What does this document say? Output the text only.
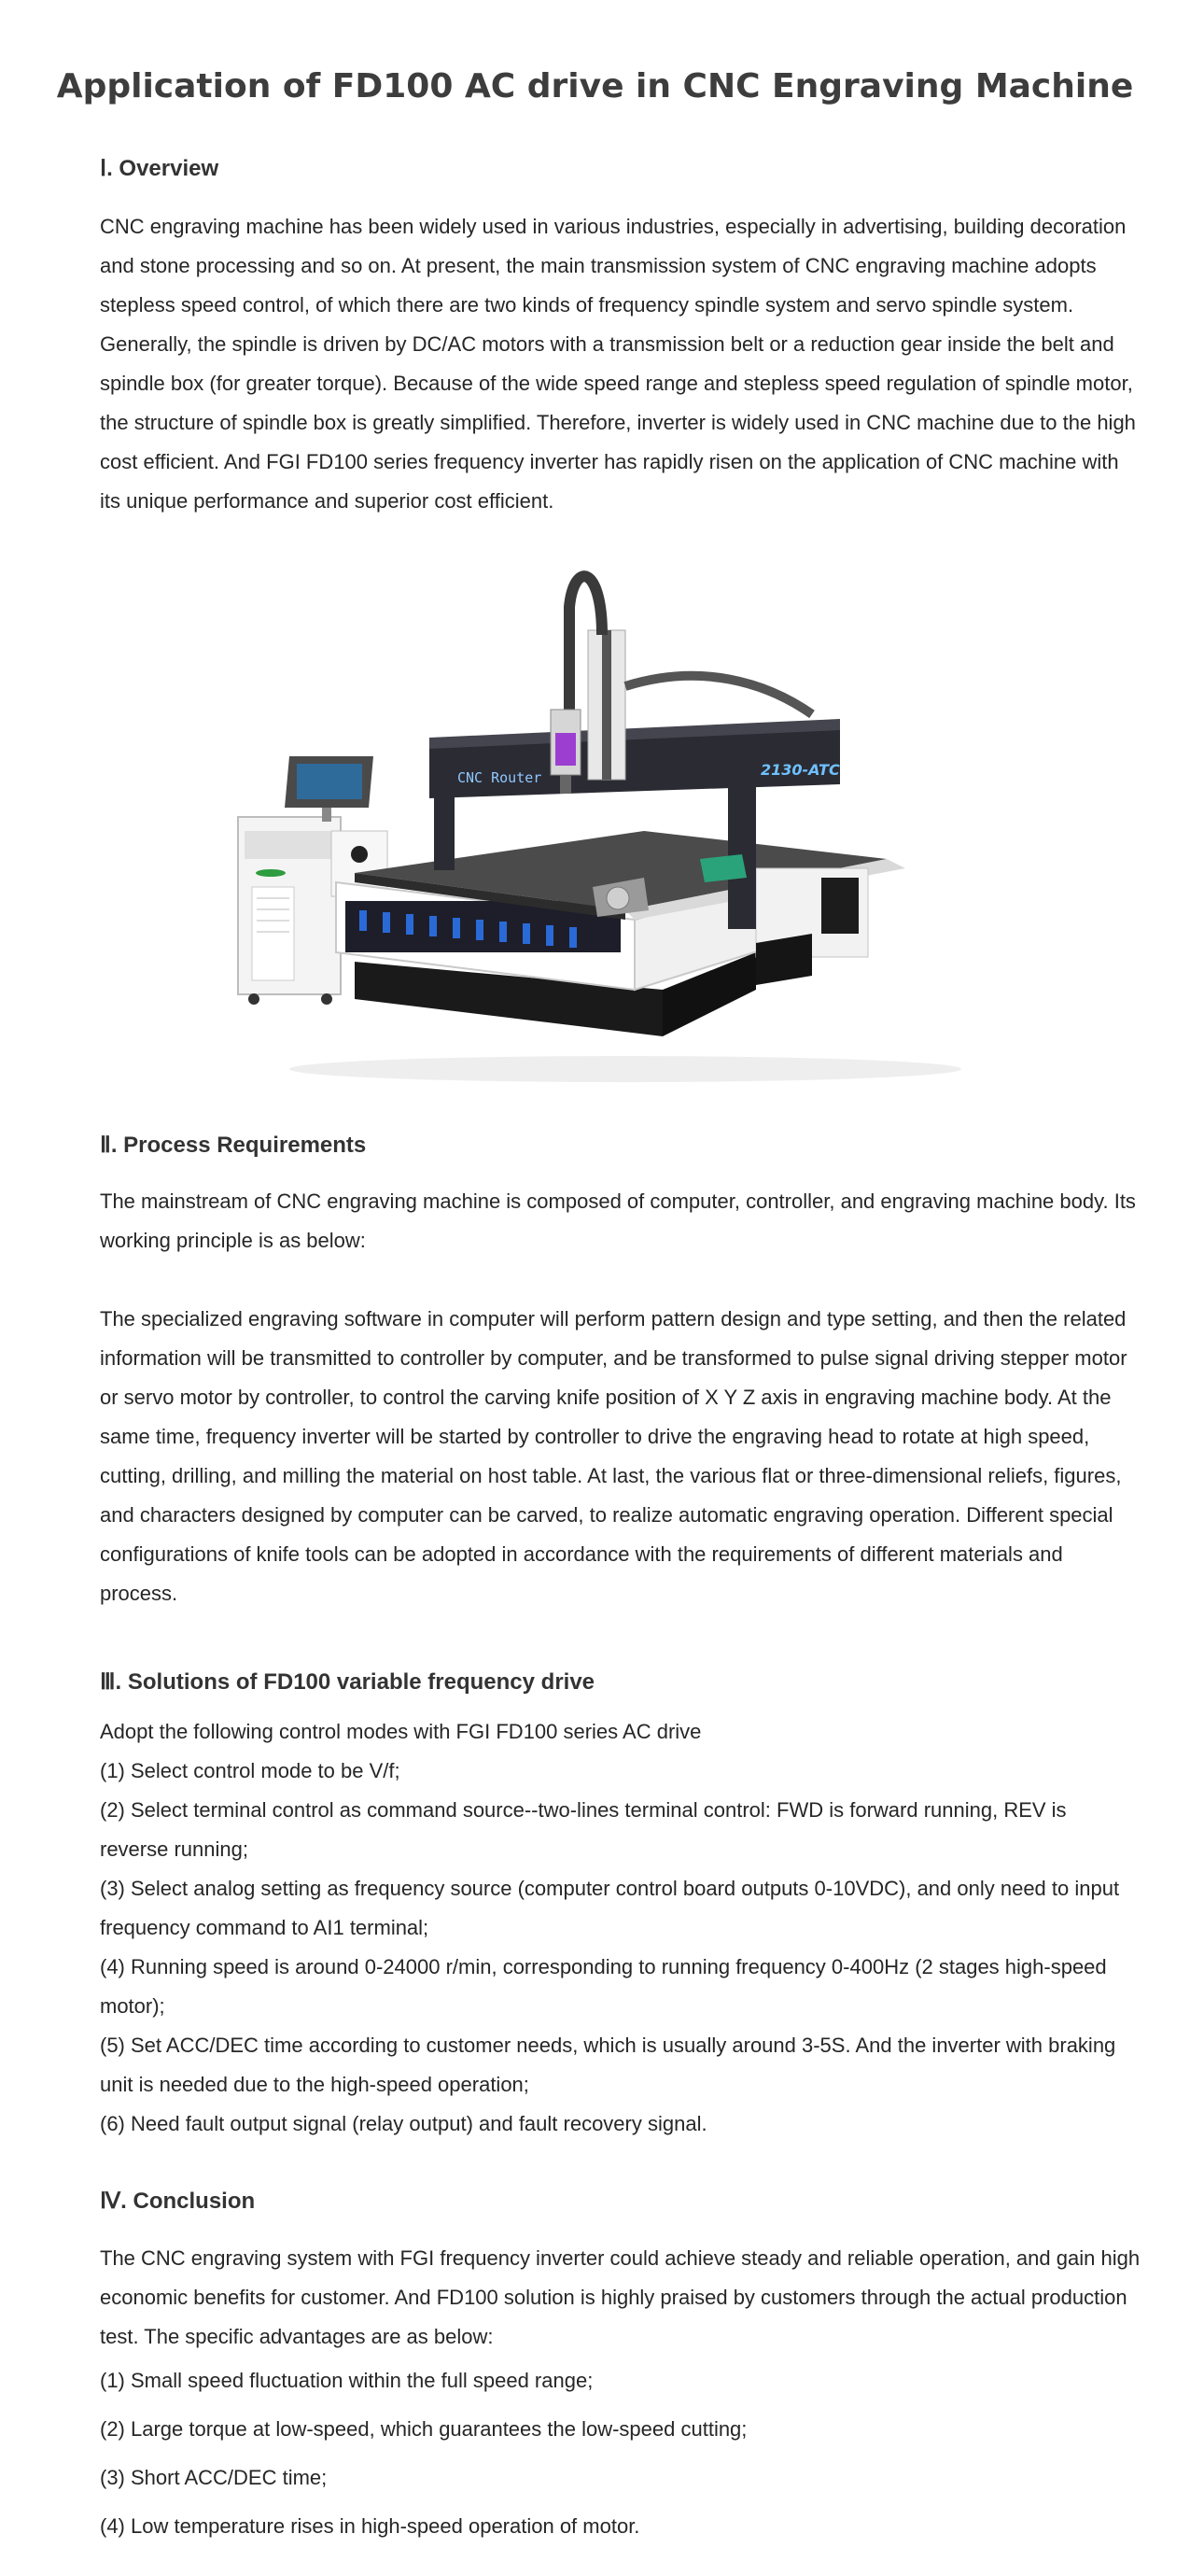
Application of FD100 AC drive in CNC Engraving Machine
Ⅰ. Overview

CNC engraving machine has been widely used in various industries, especially in advertising, building decoration and stone processing and so on. At present, the main transmission system of CNC engraving machine adopts stepless speed control, of which there are two kinds of frequency spindle system and servo spindle system. Generally, the spindle is driven by DC/AC motors with a transmission belt or a reduction gear inside the belt and spindle box (for greater torque). Because of the wide speed range and stepless speed regulation of spindle motor, the structure of spindle box is greatly simplified. Therefore, inverter is widely used in CNC machine due to the high cost efficient. And FGI FD100 series frequency inverter has rapidly risen on the application of CNC machine with its unique performance and superior cost efficient.

CNC Router	2130-ATC
Ⅱ. Process Requirements

The mainstream of CNC engraving machine is composed of computer, controller, and engraving machine body. Its working principle is as below:

The specialized engraving software in computer will perform pattern design and type setting, and then the related information will be transmitted to controller by computer, and be transformed to pulse signal driving stepper motor or servo motor by controller, to control the carving knife position of X Y Z axis in engraving machine body. At the same time, frequency inverter will be started by controller to drive the engraving head to rotate at high speed, cutting, drilling, and milling the material on host table. At last, the various flat or three-dimensional reliefs, figures, and characters designed by computer can be carved, to realize automatic engraving operation. Different special configurations of knife tools can be adopted in accordance with the requirements of different materials and process.

Ⅲ. Solutions of FD100 variable frequency drive

Adopt the following control modes with FGI FD100 series AC drive

(1) Select control mode to be V/f;

(2) Select terminal control as command source--two-lines terminal control: FWD is forward running, REV is reverse running;

(3) Select analog setting as frequency source (computer control board outputs 0-10VDC), and only need to input frequency command to AI1 terminal;

(4) Running speed is around 0-24000 r/min, corresponding to running frequency 0-400Hz (2 stages high-speed motor);

(5) Set ACC/DEC time according to customer needs, which is usually around 3-5S. And the inverter with braking unit is needed due to the high-speed operation;

(6) Need fault output signal (relay output) and fault recovery signal.

Ⅳ. Conclusion

The CNC engraving system with FGI frequency inverter could achieve steady and reliable operation, and gain high economic benefits for customer. And FD100 solution is highly praised by customers through the actual production test. The specific advantages are as below:

(1) Small speed fluctuation within the full speed range;

(2) Large torque at low-speed, which guarantees the low-speed cutting;

(3) Short ACC/DEC time;

(4) Low temperature rises in high-speed operation of motor.
